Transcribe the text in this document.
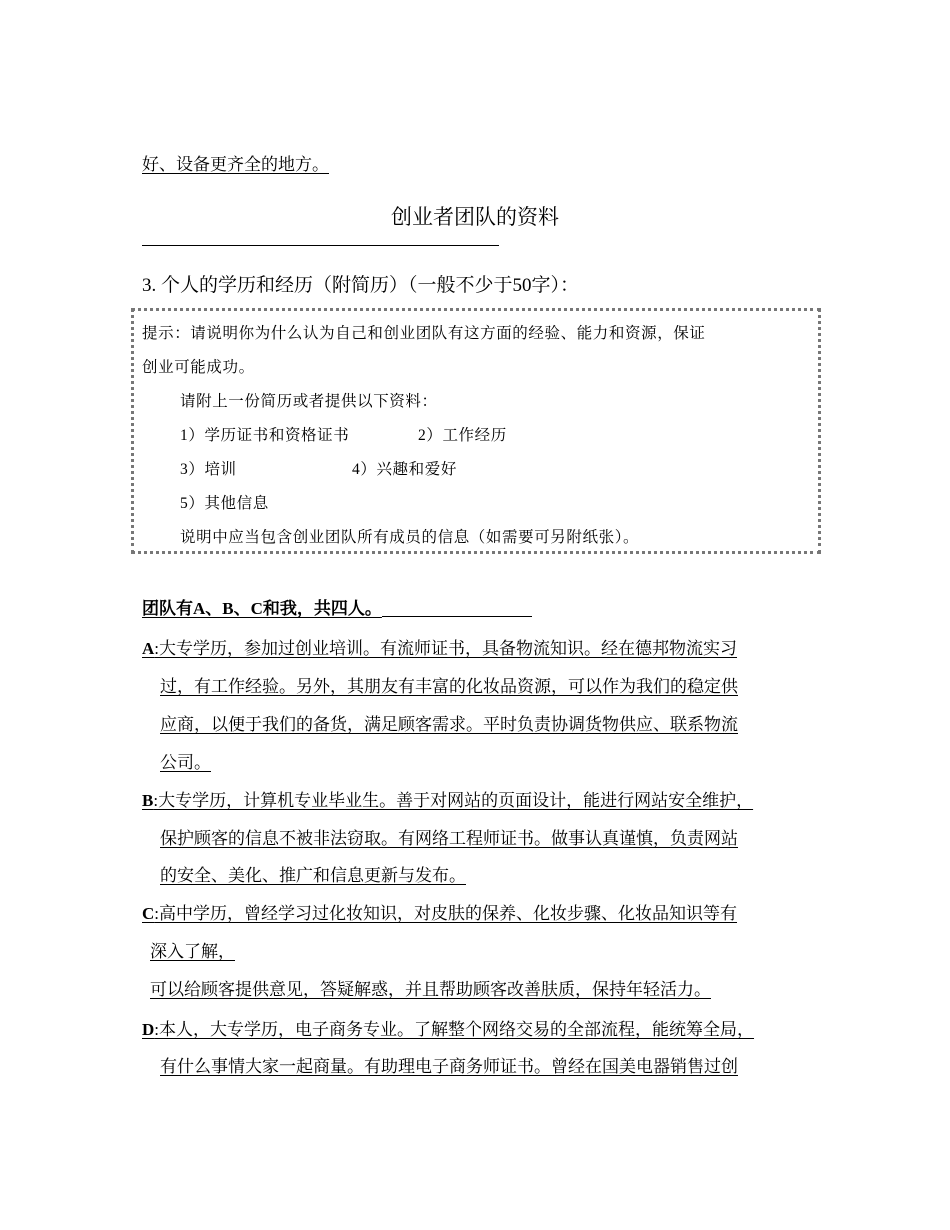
好、设备更齐全的地方。
创业者团队的资料
3. 个人的学历和经历（附简历）（一般不少于50字）：
提示：请说明你为什么认为自己和创业团队有这方面的经验、能力和资源，保证
创业可能成功。
请附上一份简历或者提供以下资料：
1）学历证书和资格证书	2）工作经历
3）培训	4）兴趣和爱好
5）其他信息
说明中应当包含创业团队所有成员的信息（如需要可另附纸张）。
团队有A、B、C和我，共四人。
A:大专学历，参加过创业培训。有流师证书，具备物流知识。经在德邦物流实习
过，有工作经验。另外，其朋友有丰富的化妆品资源，可以作为我们的稳定供
应商，以便于我们的备货，满足顾客需求。平时负责协调货物供应、联系物流
公司。
B:大专学历，计算机专业毕业生。善于对网站的页面设计，能进行网站安全维护，
保护顾客的信息不被非法窃取。有网络工程师证书。做事认真谨慎，负责网站
的安全、美化、推广和信息更新与发布。
C:高中学历，曾经学习过化妆知识，对皮肤的保养、化妆步骤、化妆品知识等有
深入了解，
可以给顾客提供意见，答疑解惑，并且帮助顾客改善肤质，保持年轻活力。
D:本人，大专学历，电子商务专业。了解整个网络交易的全部流程，能统筹全局，
有什么事情大家一起商量。有助理电子商务师证书。曾经在国美电器销售过创
